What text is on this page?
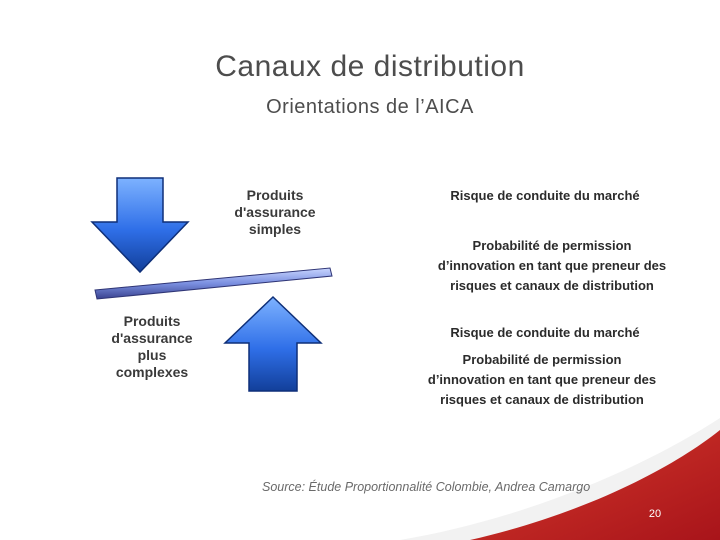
Canaux de distribution
Orientations de l’AICA
Produits
d'assurance
simples
Produits
d'assurance
plus
complexes
Risque de conduite du marché
Probabilité de permission
d’innovation en tant que preneur des
risques et canaux de distribution
Risque de conduite du marché
Probabilité de permission
d’innovation en tant que preneur des
risques et canaux de distribution
Source: Étude Proportionnalité Colombie, Andrea Camargo
20
